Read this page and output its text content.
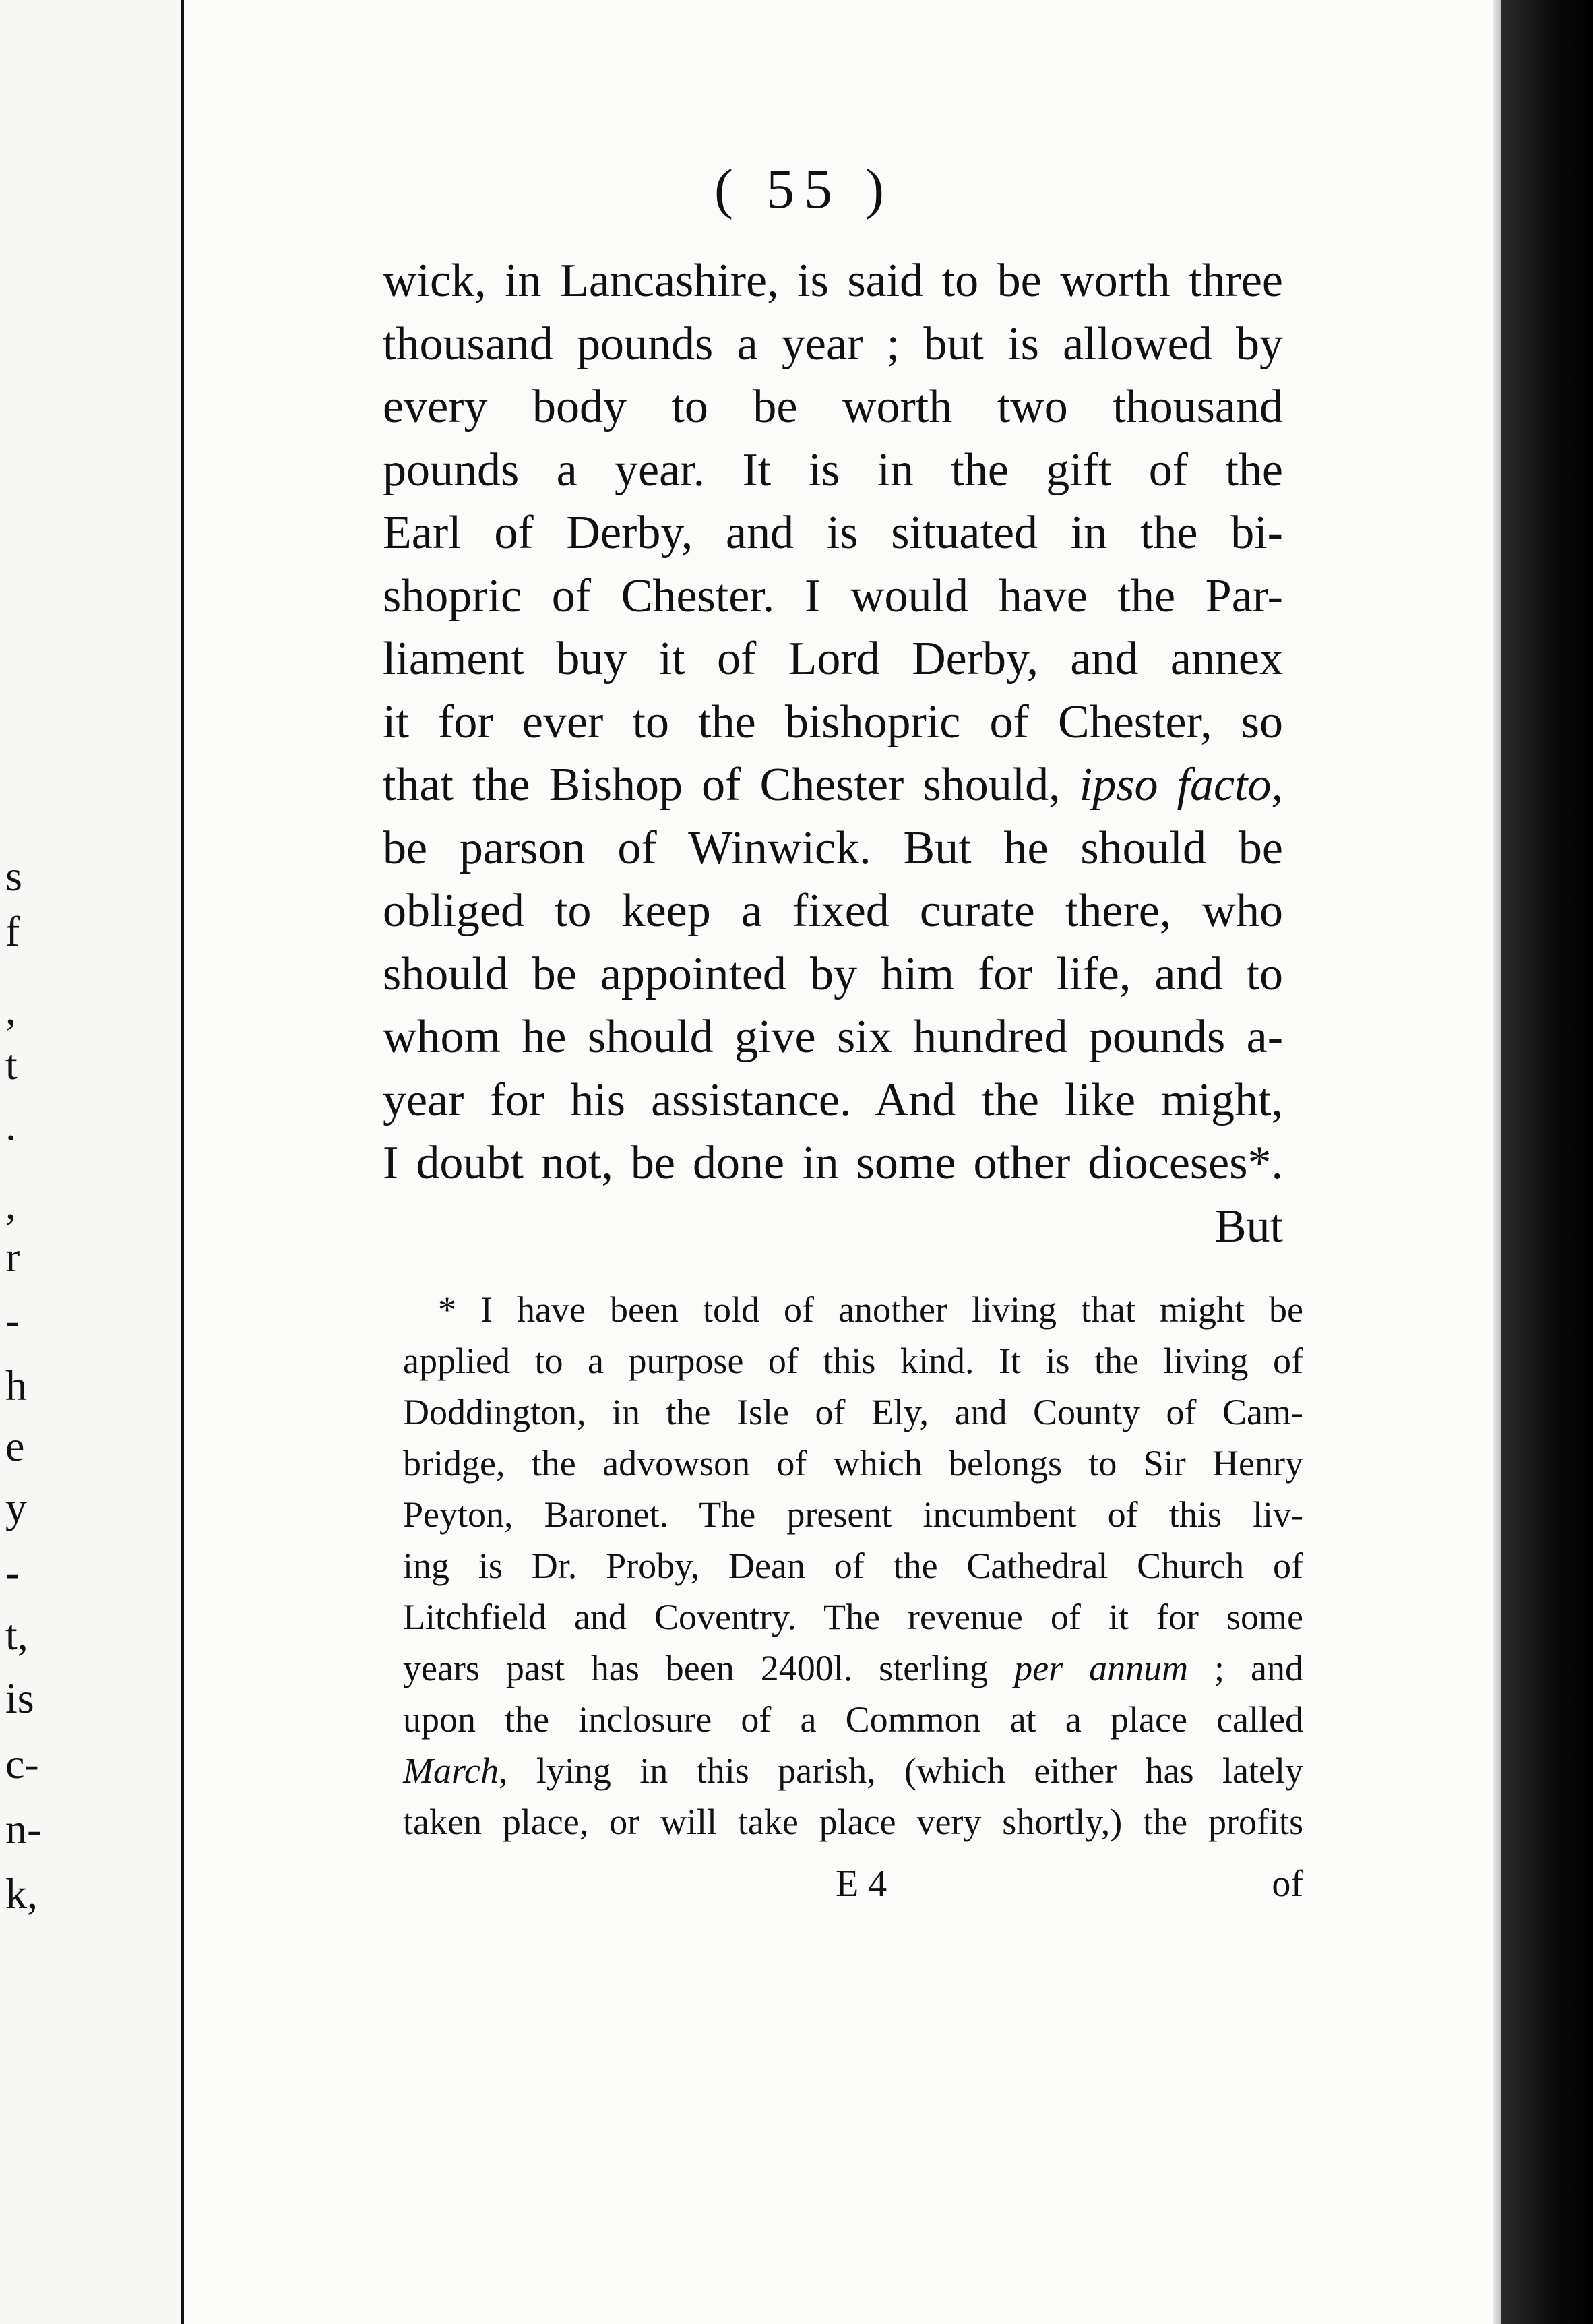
s
f
,
t
.
,
r
-
h
e
y
-
t,
is
c-
n-
k,
( 55 )
wick, in Lancashire, is said to be worth three
thousand pounds a year ; but is allowed by
every body to be worth two thousand
pounds a year. It is in the gift of the
Earl of Derby, and is situated in the bi-
shopric of Chester. I would have the Par-
liament buy it of Lord Derby, and annex
it for ever to the bishopric of Chester, so
that the Bishop of Chester should, ipso facto,
be parson of Winwick. But he should be
obliged to keep a fixed curate there, who
should be appointed by him for life, and to
whom he should give six hundred pounds a-
year for his assistance. And the like might,
I doubt not, be done in some other dioceses*.
But
* I have been told of another living that might be
applied to a purpose of this kind. It is the living of
Doddington, in the Isle of Ely, and County of Cam-
bridge, the advowson of which belongs to Sir Henry
Peyton, Baronet. The present incumbent of this liv-
ing is Dr. Proby, Dean of the Cathedral Church of
Litchfield and Coventry. The revenue of it for some
years past has been 2400l. sterling per annum ; and
upon the inclosure of a Common at a place called
March, lying in this parish, (which either has lately
taken place, or will take place very shortly,) the profits
E 4	of
